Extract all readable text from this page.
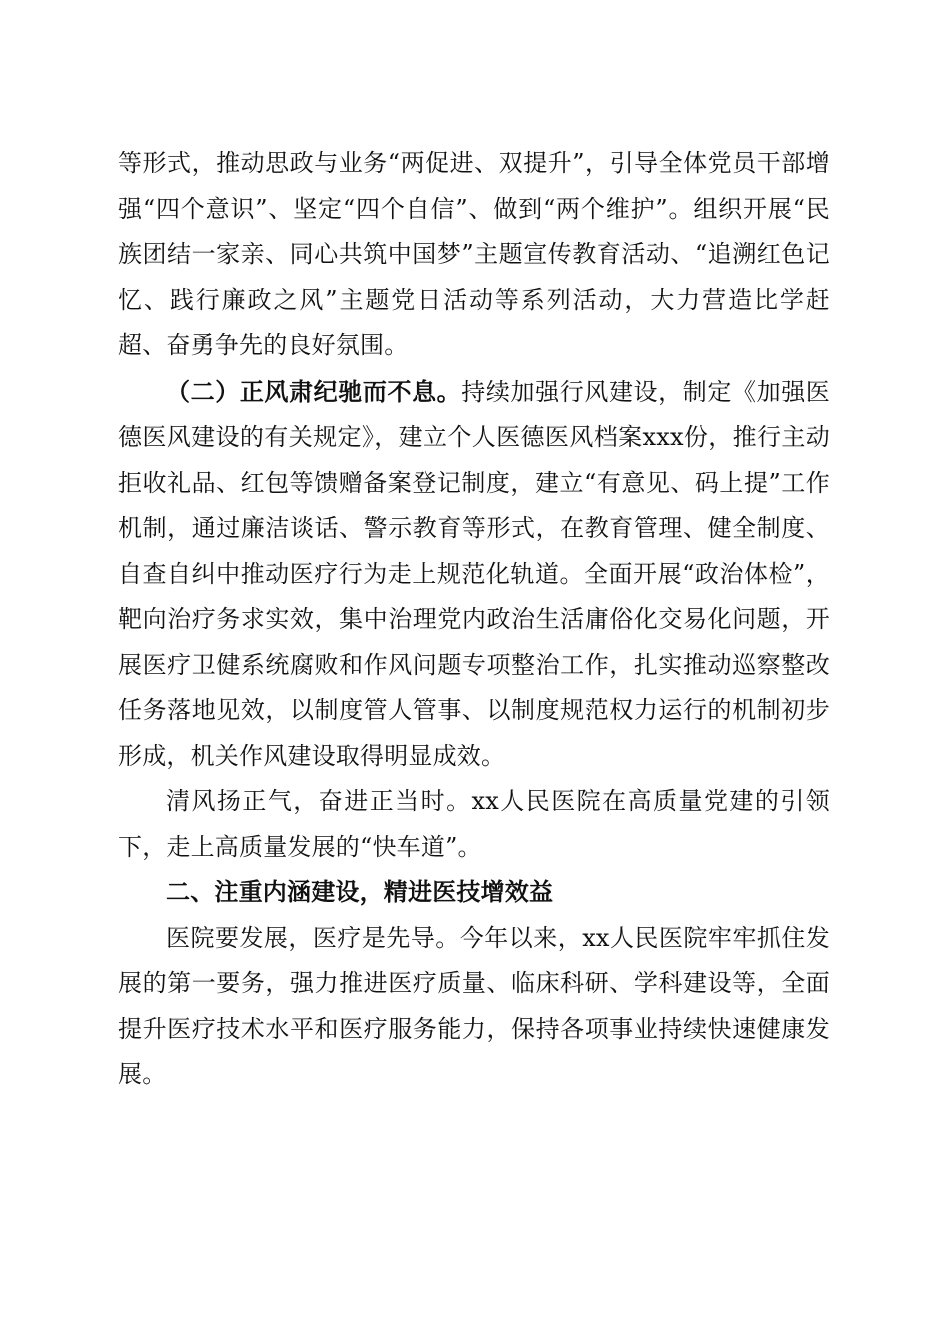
等形式，推动思政与业务“两促进、双提升”，引导全体党员干部增强“四个意识”、坚定“四个自信”、做到“两个维护”。组织开展“民族团结一家亲、同心共筑中国梦”主题宣传教育活动、“追溯红色记忆、践行廉政之风”主题党日活动等系列活动，大力营造比学赶超、奋勇争先的良好氛围。

（二）正风肃纪驰而不息。持续加强行风建设，制定《加强医德医风建设的有关规定》，建立个人医德医风档案xxx份，推行主动拒收礼品、红包等馈赠备案登记制度，建立“有意见、码上提”工作机制，通过廉洁谈话、警示教育等形式，在教育管理、健全制度、自查自纠中推动医疗行为走上规范化轨道。全面开展“政治体检”，靶向治疗务求实效，集中治理党内政治生活庸俗化交易化问题，开展医疗卫健系统腐败和作风问题专项整治工作，扎实推动巡察整改任务落地见效，以制度管人管事、以制度规范权力运行的机制初步形成，机关作风建设取得明显成效。

清风扬正气，奋进正当时。xx人民医院在高质量党建的引领下，走上高质量发展的“快车道”。

二、注重内涵建设，精进医技增效益

医院要发展，医疗是先导。今年以来，xx人民医院牢牢抓住发展的第一要务，强力推进医疗质量、临床科研、学科建设等，全面提升医疗技术水平和医疗服务能力，保持各项事业持续快速健康发展。
